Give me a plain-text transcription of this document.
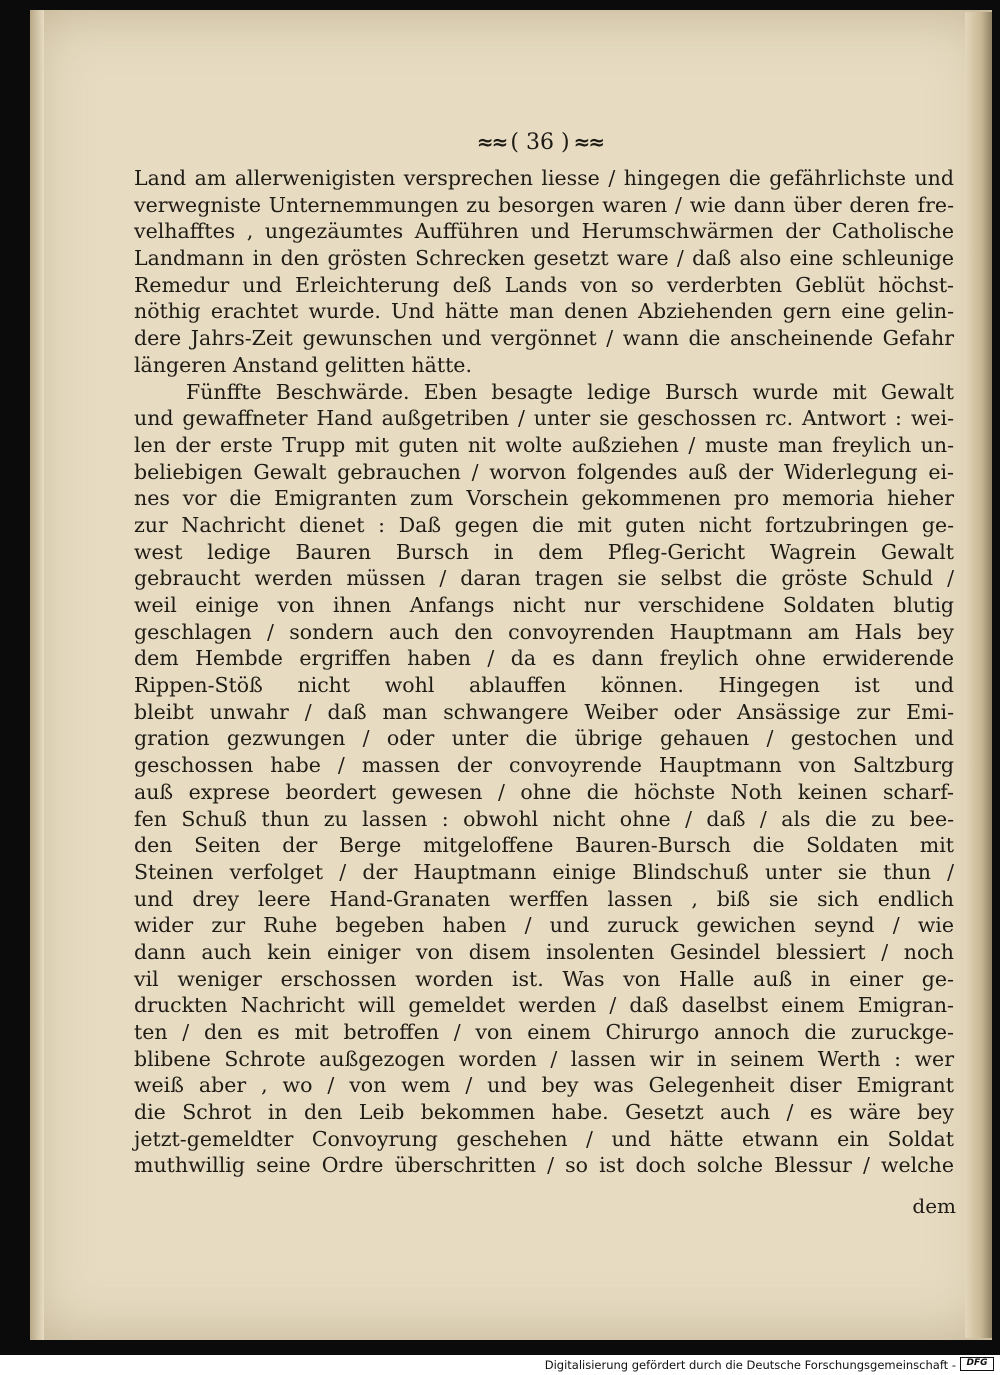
≈≈ ( 36 ) ≈≈
Land am allerwenigisten versprechen liesse / hingegen die gefährlichste und
verwegniste Unternemmungen zu besorgen waren / wie dann über deren fre-
velhafftes , ungezäumtes Aufführen und Herumschwärmen der Catholische
Landmann in den grösten Schrecken gesetzt ware / daß also eine schleunige
Remedur und Erleichterung deß Lands von so verderbten Geblüt höchst-
nöthig erachtet wurde. Und hätte man denen Abziehenden gern eine gelin-
dere Jahrs-Zeit gewunschen und vergönnet / wann die anscheinende Gefahr
längeren Anstand gelitten hätte.
Fünffte Beschwärde. Eben besagte ledige Bursch wurde mit Gewalt
und gewaffneter Hand außgetriben / unter sie geschossen rc. Antwort : wei-
len der erste Trupp mit guten nit wolte außziehen / muste man freylich un-
beliebigen Gewalt gebrauchen / worvon folgendes auß der Widerlegung ei-
nes vor die Emigranten zum Vorschein gekommenen pro memoria hieher
zur Nachricht dienet : Daß gegen die mit guten nicht fortzubringen ge-
west ledige Bauren Bursch in dem Pfleg-Gericht Wagrein Gewalt
gebraucht werden müssen / daran tragen sie selbst die gröste Schuld /
weil einige von ihnen Anfangs nicht nur verschidene Soldaten blutig
geschlagen / sondern auch den convoyrenden Hauptmann am Hals bey
dem Hembde ergriffen haben / da es dann freylich ohne erwiderende
Rippen-Stöß nicht wohl ablauffen können. Hingegen ist und
bleibt unwahr / daß man schwangere Weiber oder Ansässige zur Emi-
gration gezwungen / oder unter die übrige gehauen / gestochen und
geschossen habe / massen der convoyrende Hauptmann von Saltzburg
auß exprese beordert gewesen / ohne die höchste Noth keinen scharf-
fen Schuß thun zu lassen : obwohl nicht ohne / daß / als die zu bee-
den Seiten der Berge mitgeloffene Bauren-Bursch die Soldaten mit
Steinen verfolget / der Hauptmann einige Blindschuß unter sie thun /
und drey leere Hand-Granaten werffen lassen , biß sie sich endlich
wider zur Ruhe begeben haben / und zuruck gewichen seynd / wie
dann auch kein einiger von disem insolenten Gesindel blessiert / noch
vil weniger erschossen worden ist. Was von Halle auß in einer ge-
druckten Nachricht will gemeldet werden / daß daselbst einem Emigran-
ten / den es mit betroffen / von einem Chirurgo annoch die zuruckge-
blibene Schrote außgezogen worden / lassen wir in seinem Werth : wer
weiß aber , wo / von wem / und bey was Gelegenheit diser Emigrant
die Schrot in den Leib bekommen habe. Gesetzt auch / es wäre bey
jetzt-gemeldter Convoyrung geschehen / und hätte etwann ein Soldat
muthwillig seine Ordre überschritten / so ist doch solche Blessur / welche
dem
Digitalisierung gefördert durch die Deutsche Forschungsgemeinschaft -	DFG
